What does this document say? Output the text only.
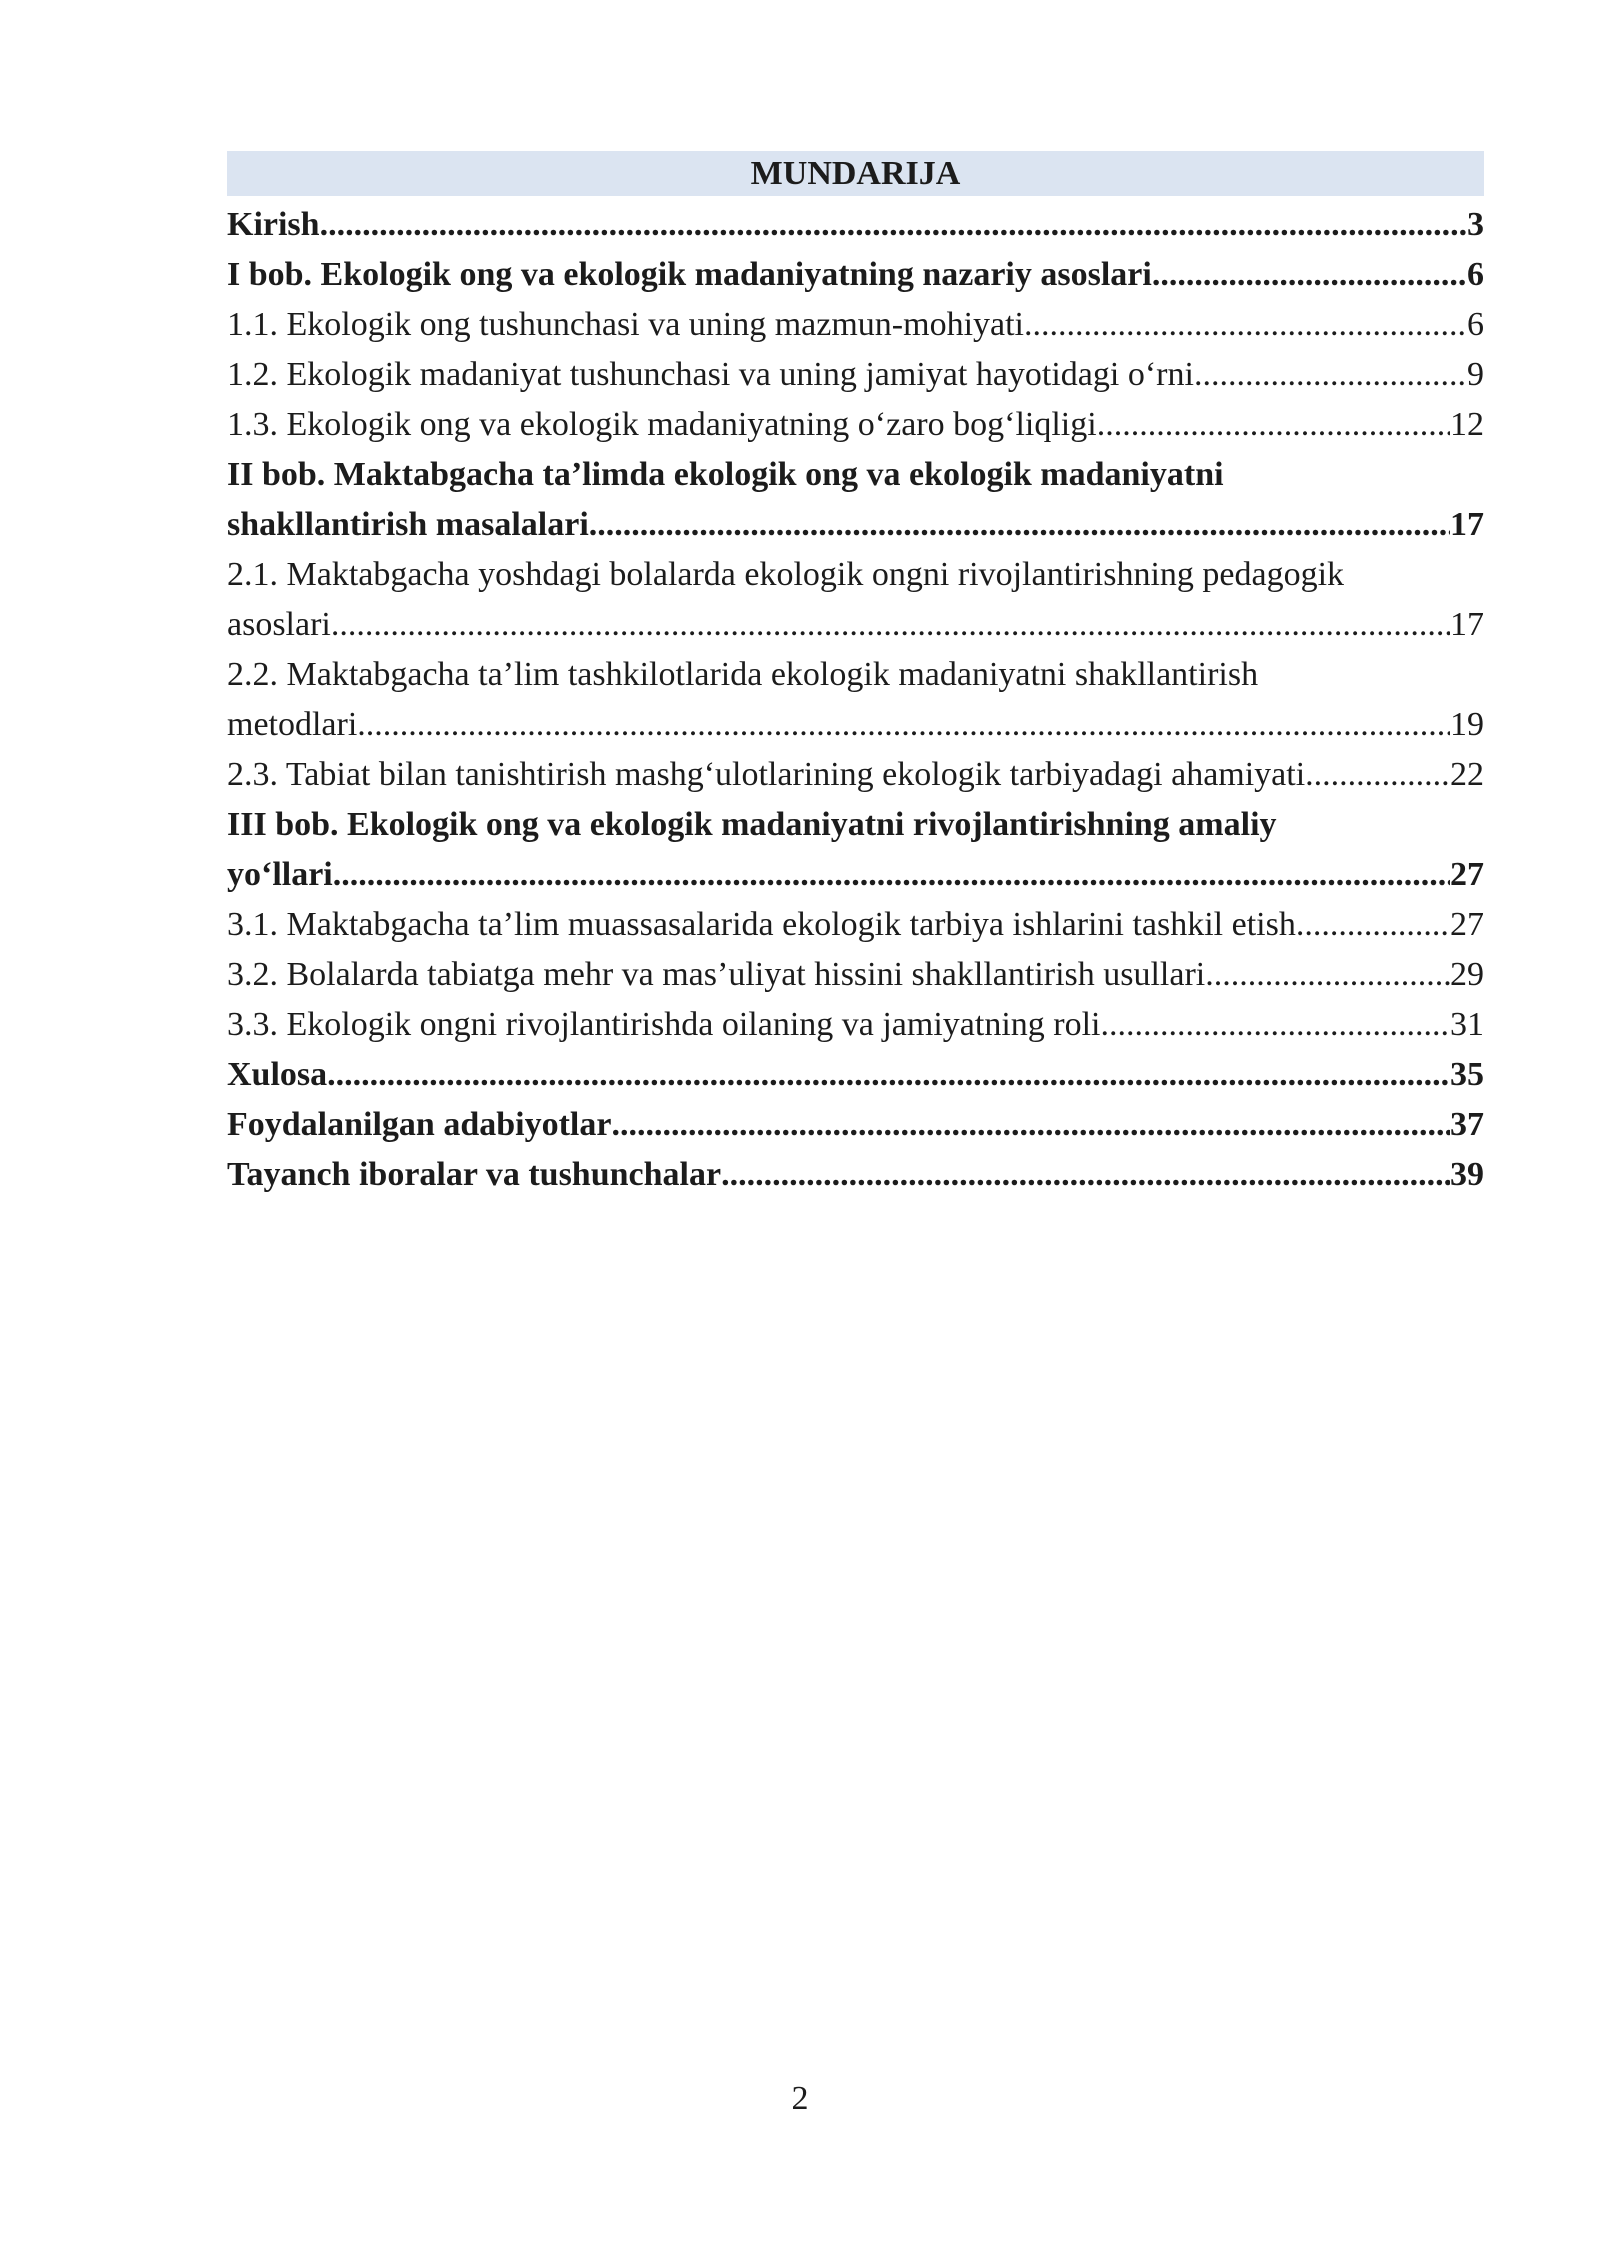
MUNDARIJA
Kirish .....	3
I bob. Ekologik ong va ekologik madaniyatning nazariy asoslari .....	6
1.1. Ekologik ong tushunchasi va uning mazmun-mohiyati .....	6
1.2. Ekologik madaniyat tushunchasi va uning jamiyat hayotidagi o‘rni .....	9
1.3. Ekologik ong va ekologik madaniyatning o‘zaro bog‘liqligi .....	12
II bob. Maktabgacha ta’limda ekologik ong va ekologik madaniyatni
shakllantirish masalalari .....	17
2.1. Maktabgacha yoshdagi bolalarda ekologik ongni rivojlantirishning pedagogik
asoslari .....	17
2.2. Maktabgacha ta’lim tashkilotlarida ekologik madaniyatni shakllantirish
metodlari .....	19
2.3. Tabiat bilan tanishtirish mashg‘ulotlarining ekologik tarbiyadagi ahamiyati .....	22
III bob. Ekologik ong va ekologik madaniyatni rivojlantirishning amaliy
yo‘llari .....	27
3.1. Maktabgacha ta’lim muassasalarida ekologik tarbiya ishlarini tashkil etish .....	27
3.2. Bolalarda tabiatga mehr va mas’uliyat hissini shakllantirish usullari .....	29
3.3. Ekologik ongni rivojlantirishda oilaning va jamiyatning roli .....	31
Xulosa .....	35
Foydalanilgan adabiyotlar .....	37
Tayanch iboralar va tushunchalar .....	39
2
